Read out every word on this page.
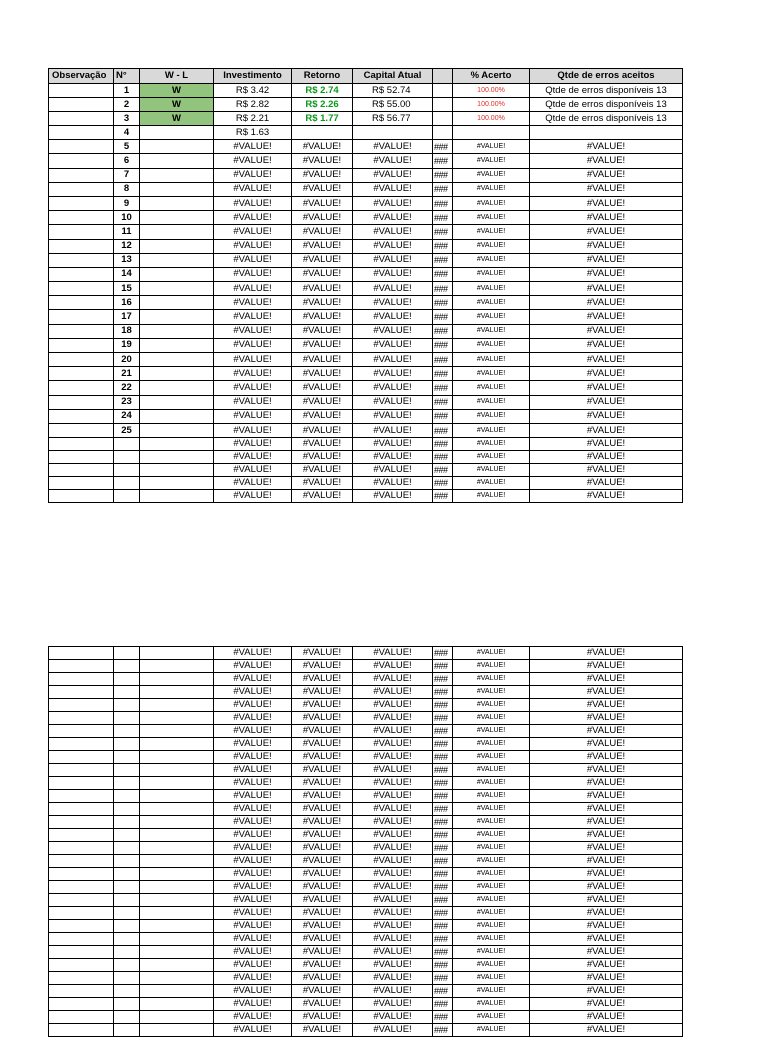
Observação	N°	W - L	Investimento	Retorno	Capital Atual		% Acerto	Qtde de erros aceitos
	1	W	R$ 3.42	R$ 2.74	R$ 52.74		100.00%	Qtde de erros disponíveis 13
	2	W	R$ 2.82	R$ 2.26	R$ 55.00		100.00%	Qtde de erros disponíveis 13
	3	W	R$ 2.21	R$ 1.77	R$ 56.77		100.00%	Qtde de erros disponíveis 13
	4		R$ 1.63					
	5		#VALUE!	#VALUE!	#VALUE!	###	#VALUE!	#VALUE!
	6		#VALUE!	#VALUE!	#VALUE!	###	#VALUE!	#VALUE!
	7		#VALUE!	#VALUE!	#VALUE!	###	#VALUE!	#VALUE!
	8		#VALUE!	#VALUE!	#VALUE!	###	#VALUE!	#VALUE!
	9		#VALUE!	#VALUE!	#VALUE!	###	#VALUE!	#VALUE!
	10		#VALUE!	#VALUE!	#VALUE!	###	#VALUE!	#VALUE!
	11		#VALUE!	#VALUE!	#VALUE!	###	#VALUE!	#VALUE!
	12		#VALUE!	#VALUE!	#VALUE!	###	#VALUE!	#VALUE!
	13		#VALUE!	#VALUE!	#VALUE!	###	#VALUE!	#VALUE!
	14		#VALUE!	#VALUE!	#VALUE!	###	#VALUE!	#VALUE!
	15		#VALUE!	#VALUE!	#VALUE!	###	#VALUE!	#VALUE!
	16		#VALUE!	#VALUE!	#VALUE!	###	#VALUE!	#VALUE!
	17		#VALUE!	#VALUE!	#VALUE!	###	#VALUE!	#VALUE!
	18		#VALUE!	#VALUE!	#VALUE!	###	#VALUE!	#VALUE!
	19		#VALUE!	#VALUE!	#VALUE!	###	#VALUE!	#VALUE!
	20		#VALUE!	#VALUE!	#VALUE!	###	#VALUE!	#VALUE!
	21		#VALUE!	#VALUE!	#VALUE!	###	#VALUE!	#VALUE!
	22		#VALUE!	#VALUE!	#VALUE!	###	#VALUE!	#VALUE!
	23		#VALUE!	#VALUE!	#VALUE!	###	#VALUE!	#VALUE!
	24		#VALUE!	#VALUE!	#VALUE!	###	#VALUE!	#VALUE!
	25		#VALUE!	#VALUE!	#VALUE!	###	#VALUE!	#VALUE!
			#VALUE!	#VALUE!	#VALUE!	###	#VALUE!	#VALUE!
			#VALUE!	#VALUE!	#VALUE!	###	#VALUE!	#VALUE!
			#VALUE!	#VALUE!	#VALUE!	###	#VALUE!	#VALUE!
			#VALUE!	#VALUE!	#VALUE!	###	#VALUE!	#VALUE!
			#VALUE!	#VALUE!	#VALUE!	###	#VALUE!	#VALUE!
			#VALUE!	#VALUE!	#VALUE!	###	#VALUE!	#VALUE!
			#VALUE!	#VALUE!	#VALUE!	###	#VALUE!	#VALUE!
			#VALUE!	#VALUE!	#VALUE!	###	#VALUE!	#VALUE!
			#VALUE!	#VALUE!	#VALUE!	###	#VALUE!	#VALUE!
			#VALUE!	#VALUE!	#VALUE!	###	#VALUE!	#VALUE!
			#VALUE!	#VALUE!	#VALUE!	###	#VALUE!	#VALUE!
			#VALUE!	#VALUE!	#VALUE!	###	#VALUE!	#VALUE!
			#VALUE!	#VALUE!	#VALUE!	###	#VALUE!	#VALUE!
			#VALUE!	#VALUE!	#VALUE!	###	#VALUE!	#VALUE!
			#VALUE!	#VALUE!	#VALUE!	###	#VALUE!	#VALUE!
			#VALUE!	#VALUE!	#VALUE!	###	#VALUE!	#VALUE!
			#VALUE!	#VALUE!	#VALUE!	###	#VALUE!	#VALUE!
			#VALUE!	#VALUE!	#VALUE!	###	#VALUE!	#VALUE!
			#VALUE!	#VALUE!	#VALUE!	###	#VALUE!	#VALUE!
			#VALUE!	#VALUE!	#VALUE!	###	#VALUE!	#VALUE!
			#VALUE!	#VALUE!	#VALUE!	###	#VALUE!	#VALUE!
			#VALUE!	#VALUE!	#VALUE!	###	#VALUE!	#VALUE!
			#VALUE!	#VALUE!	#VALUE!	###	#VALUE!	#VALUE!
			#VALUE!	#VALUE!	#VALUE!	###	#VALUE!	#VALUE!
			#VALUE!	#VALUE!	#VALUE!	###	#VALUE!	#VALUE!
			#VALUE!	#VALUE!	#VALUE!	###	#VALUE!	#VALUE!
			#VALUE!	#VALUE!	#VALUE!	###	#VALUE!	#VALUE!
			#VALUE!	#VALUE!	#VALUE!	###	#VALUE!	#VALUE!
			#VALUE!	#VALUE!	#VALUE!	###	#VALUE!	#VALUE!
			#VALUE!	#VALUE!	#VALUE!	###	#VALUE!	#VALUE!
			#VALUE!	#VALUE!	#VALUE!	###	#VALUE!	#VALUE!
			#VALUE!	#VALUE!	#VALUE!	###	#VALUE!	#VALUE!
			#VALUE!	#VALUE!	#VALUE!	###	#VALUE!	#VALUE!
			#VALUE!	#VALUE!	#VALUE!	###	#VALUE!	#VALUE!
			#VALUE!	#VALUE!	#VALUE!	###	#VALUE!	#VALUE!
